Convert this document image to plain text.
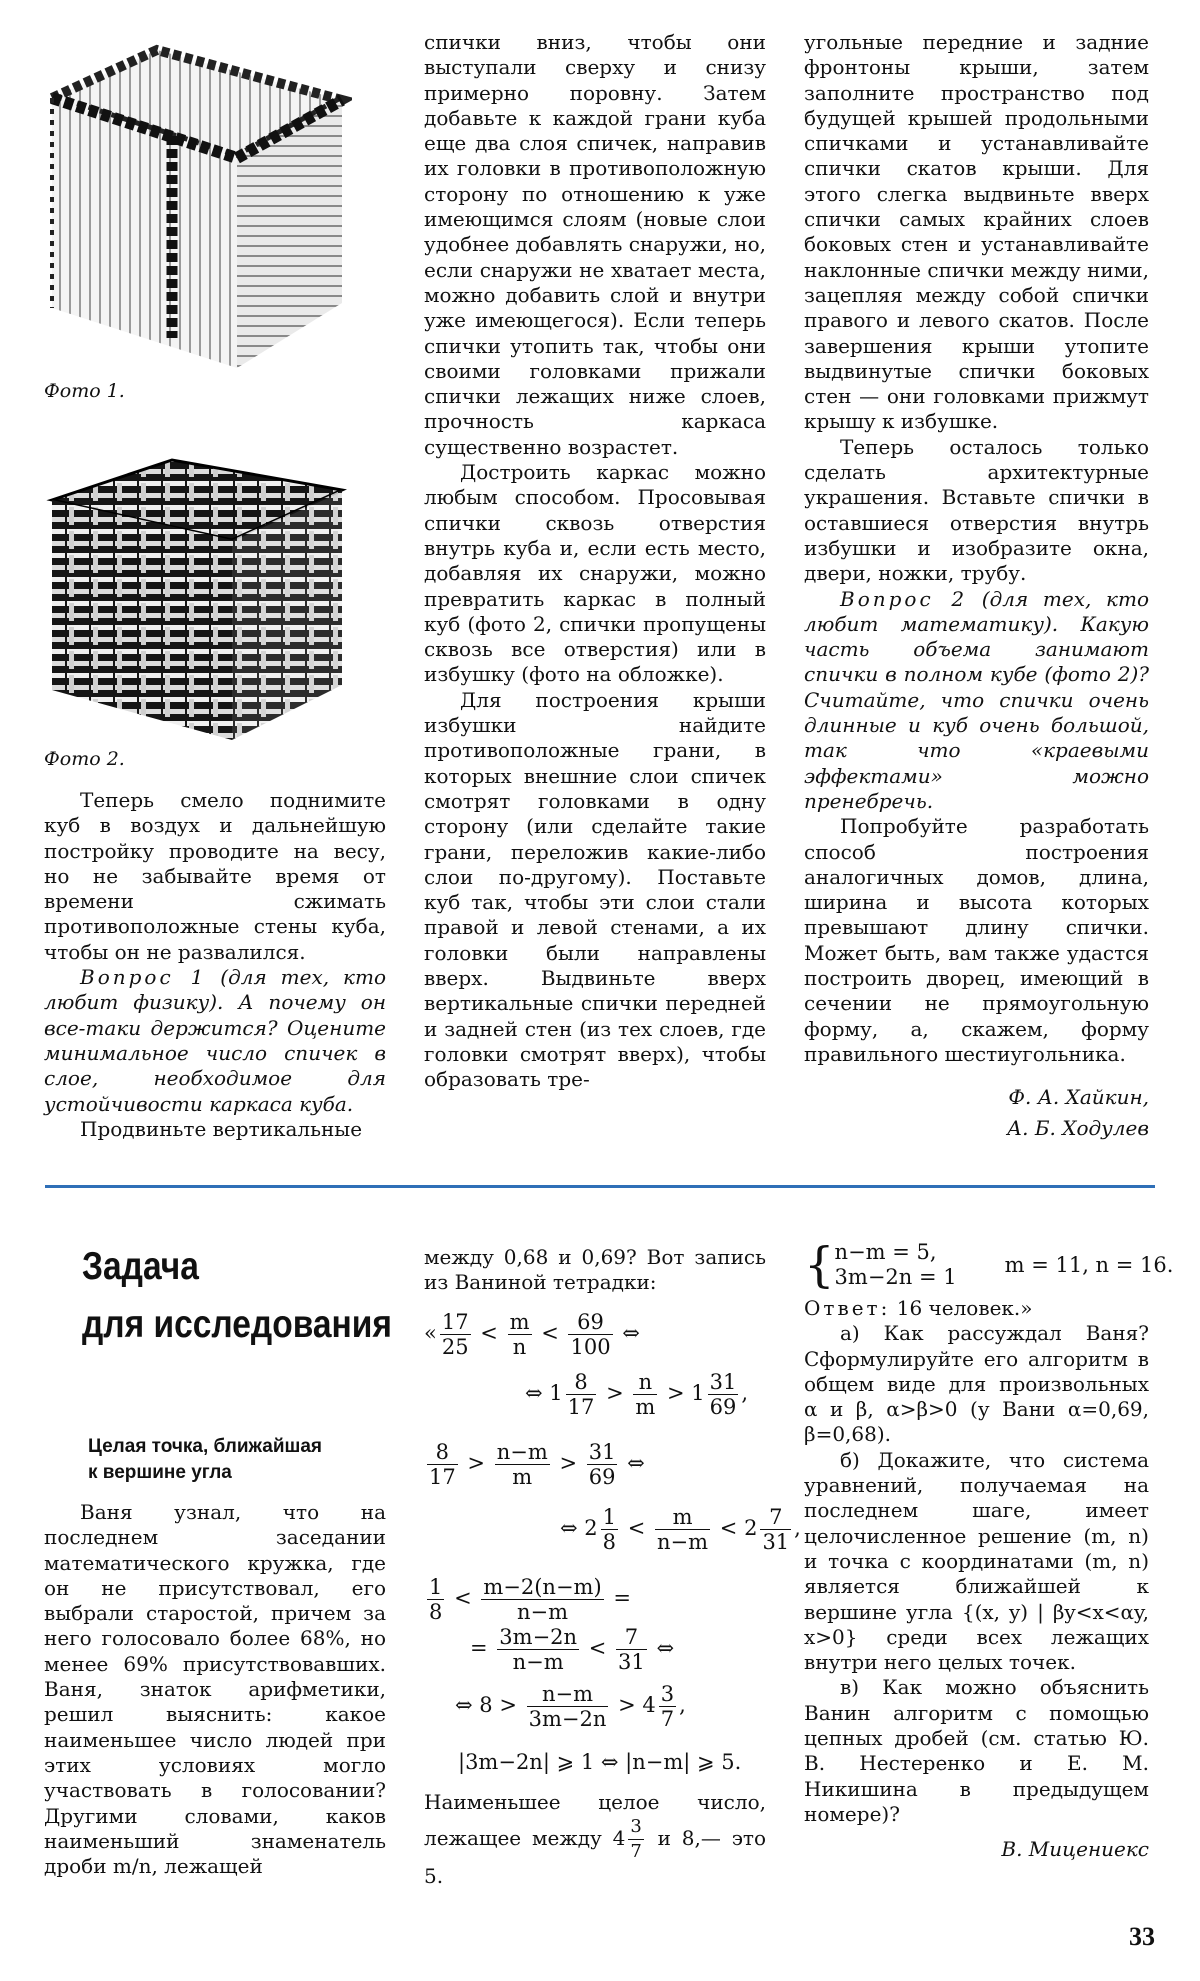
Фото 1.
Фото 2.

Теперь смело поднимите куб в воздух и дальнейшую постройку проводите на весу, но не забывайте время от времени сжимать противоположные стены куба, чтобы он не развалился.

Вопрос 1 (для тех, кто любит физику). А почему он все-таки держится? Оцените минимальное число спичек в слое, необходимое для устойчивости каркаса куба.

Продвиньте вертикальные

спички вниз, чтобы они выступали сверху и снизу примерно поровну. Затем добавьте к каждой грани куба еще два слоя спичек, направив их головки в противоположную сторону по отношению к уже имеющимся слоям (новые слои удобнее добавлять снаружи, но, если снаружи не хватает места, можно добавить слой и внутри уже имеющегося). Если теперь спички утопить так, чтобы они своими головками прижали спички лежащих ниже слоев, прочность каркаса существенно возрастет.

Достроить каркас можно любым способом. Просовывая спички сквозь отверстия внутрь куба и, если есть место, добавляя их снаружи, можно превратить каркас в полный куб (фото 2, спички пропущены сквозь все отверстия) или в избушку (фото на обложке).

Для построения крыши избушки найдите противоположные грани, в которых внешние слои спичек смотрят головками в одну сторону (или сделайте такие грани, переложив какие-либо слои по-другому). Поставьте куб так, чтобы эти слои стали правой и левой стенами, а их головки были направлены вверх. Выдвиньте вверх вертикальные спички передней и задней стен (из тех слоев, где головки смотрят вверх), чтобы образовать тре-

угольные передние и задние фронтоны крыши, затем заполните пространство под будущей крышей продольными спичками и устанавливайте спички скатов крыши. Для этого слегка выдвиньте вверх спички самых крайних слоев боковых стен и устанавливайте наклонные спички между ними, зацепляя между собой спички правого и левого скатов. После завершения крыши утопите выдвинутые спички боковых стен — они головками прижмут крышу к избушке.

Теперь осталось только сделать архитектурные украшения. Вставьте спички в оставшиеся отверстия внутрь избушки и изобразите окна, двери, ножки, трубу.

Вопрос 2 (для тех, кто любит математику). Какую часть объема занимают спички в полном кубе (фото 2)? Считайте, что спички очень длинные и куб очень большой, так что «краевыми эффектами» можно пренебречь.

Попробуйте разработать способ построения аналогичных домов, длина, ширина и высота которых превышают длину спички. Может быть, вам также удастся построить дворец, имеющий в сечении не прямоугольную форму, а, скажем, форму правильного шестиугольника.

Ф. А. Хайкин,
А. Б. Ходулев
Задача
для исследования
Целая точка, ближайшая
к вершине угла

Ваня узнал, что на последнем заседании математического кружка, где он не присутствовал, его выбрали старостой, причем за него голосовало более 68%, но менее 69% присутствовавших. Ваня, знаток арифметики, решил выяснить: какое наименьшее число людей при этих условиях могло участвовать в голосовании? Другими словами, каков наименьший знаменатель дроби m/n, лежащей

между 0,68 и 0,69? Вот запись из Ваниной тетрадки:

« $\frac{17}{25} < \frac{m}{n} < \frac{69}{100}$ ⇔
⇔ $1 \frac{8}{17} > \frac{n}{m} > 1 \frac{31}{69}$ ,
$\frac{8}{17} > \frac{n-m}{m} > \frac{31}{69}$ ⇔
⇔ $2 \frac{1}{8} < \frac{m}{n-m} < 2 \frac{7}{31}$ ,
$\frac{1}{8} < \frac{m-2(n-m)}{n-m}$ =
= $\frac{3m-2n}{n-m} < \frac{7}{31}$ ⇔
⇔ $8 > \frac{n-m}{3m-2n} > 4 \frac{3}{7}$ ,
|3m−2n| ⩾ 1 ⇔ |n−m| ⩾ 5.

Наименьшее целое число, лежащее между $4 \frac{3}{7}$ и 8,— это 5.

{ n−m = 5,
3m−2n = 1 m = 11, n = 16.

Ответ: 16 человек.»

а) Как рассуждал Ваня? Сформулируйте его алгоритм в общем виде для произвольных α и β, α>β>0 (у Вани α=0,69, β=0,68).

б) Докажите, что система уравнений, получаемая на последнем шаге, имеет целочисленное решение (m, n) и точка с координатами (m, n) является ближайшей к вершине угла {(x, y) | βy<x<αy, x>0} среди всех лежащих внутри него целых точек.

в) Как можно объяснить Ванин алгоритм с помощью цепных дробей (см. статью Ю. В. Нестеренко и Е. М. Никишина в предыдущем номере)?

В. Мицениекс
33
